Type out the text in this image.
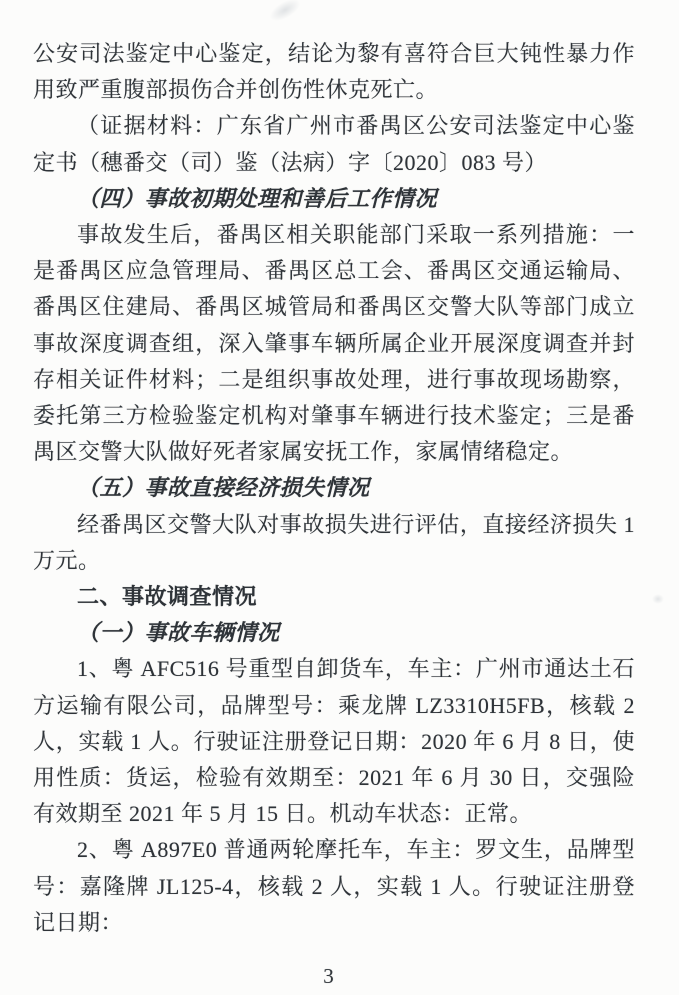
公安司法鉴定中心鉴定，结论为黎有喜符合巨大钝性暴力作用致严重腹部损伤合并创伤性休克死亡。

（证据材料：广东省广州市番禺区公安司法鉴定中心鉴定书（穗番交（司）鉴（法病）字〔2020〕083 号）

（四）事故初期处理和善后工作情况

事故发生后，番禺区相关职能部门采取一系列措施：一是番禺区应急管理局、番禺区总工会、番禺区交通运输局、番禺区住建局、番禺区城管局和番禺区交警大队等部门成立事故深度调查组，深入肇事车辆所属企业开展深度调查并封存相关证件材料；二是组织事故处理，进行事故现场勘察，委托第三方检验鉴定机构对肇事车辆进行技术鉴定；三是番禺区交警大队做好死者家属安抚工作，家属情绪稳定。

（五）事故直接经济损失情况

经番禺区交警大队对事故损失进行评估，直接经济损失 1 万元。

二、事故调查情况

（一）事故车辆情况

1、粤 AFC516 号重型自卸货车，车主：广州市通达土石方运输有限公司，品牌型号：乘龙牌 LZ3310H5FB，核载 2 人，实载 1 人。行驶证注册登记日期：2020 年 6 月 8 日，使用性质：货运，检验有效期至：2021 年 6 月 30 日，交强险有效期至 2021 年 5 月 15 日。机动车状态：正常。

2、粤 A897E0 普通两轮摩托车，车主：罗文生，品牌型号：嘉隆牌 JL125-4，核载 2 人，实载 1 人。行驶证注册登记日期：

3
